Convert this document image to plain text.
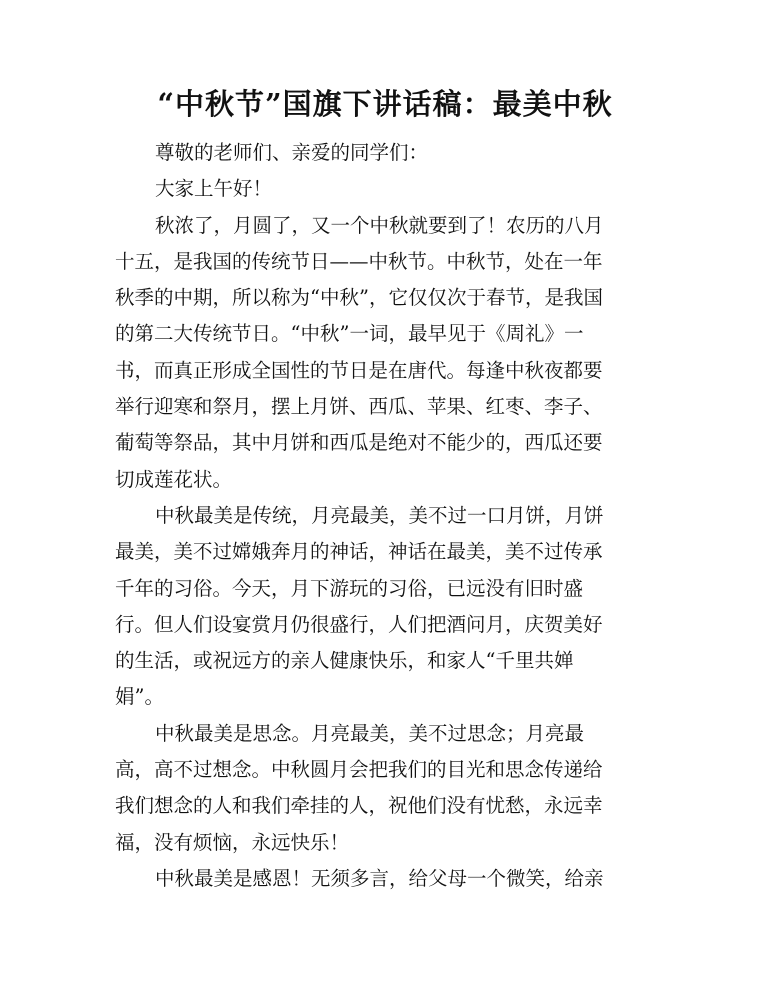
“中秋节”国旗下讲话稿：最美中秋
尊敬的老师们、亲爱的同学们：
大家上午好！
秋浓了，月圆了，又一个中秋就要到了！农历的八月
十五，是我国的传统节日——中秋节。中秋节，处在一年
秋季的中期，所以称为“中秋”，它仅仅次于春节，是我国
的第二大传统节日。“中秋”一词，最早见于《周礼》一
书，而真正形成全国性的节日是在唐代。每逢中秋夜都要
举行迎寒和祭月，摆上月饼、西瓜、苹果、红枣、李子、
葡萄等祭品，其中月饼和西瓜是绝对不能少的，西瓜还要
切成莲花状。
中秋最美是传统，月亮最美，美不过一口月饼，月饼
最美，美不过嫦娥奔月的神话，神话在最美，美不过传承
千年的习俗。今天，月下游玩的习俗，已远没有旧时盛
行。但人们设宴赏月仍很盛行，人们把酒问月，庆贺美好
的生活，或祝远方的亲人健康快乐，和家人“千里共婵
娟”。
中秋最美是思念。月亮最美，美不过思念；月亮最
高，高不过想念。中秋圆月会把我们的目光和思念传递给
我们想念的人和我们牵挂的人，祝他们没有忧愁，永远幸
福，没有烦恼，永远快乐！
中秋最美是感恩！无须多言，给父母一个微笑，给亲
